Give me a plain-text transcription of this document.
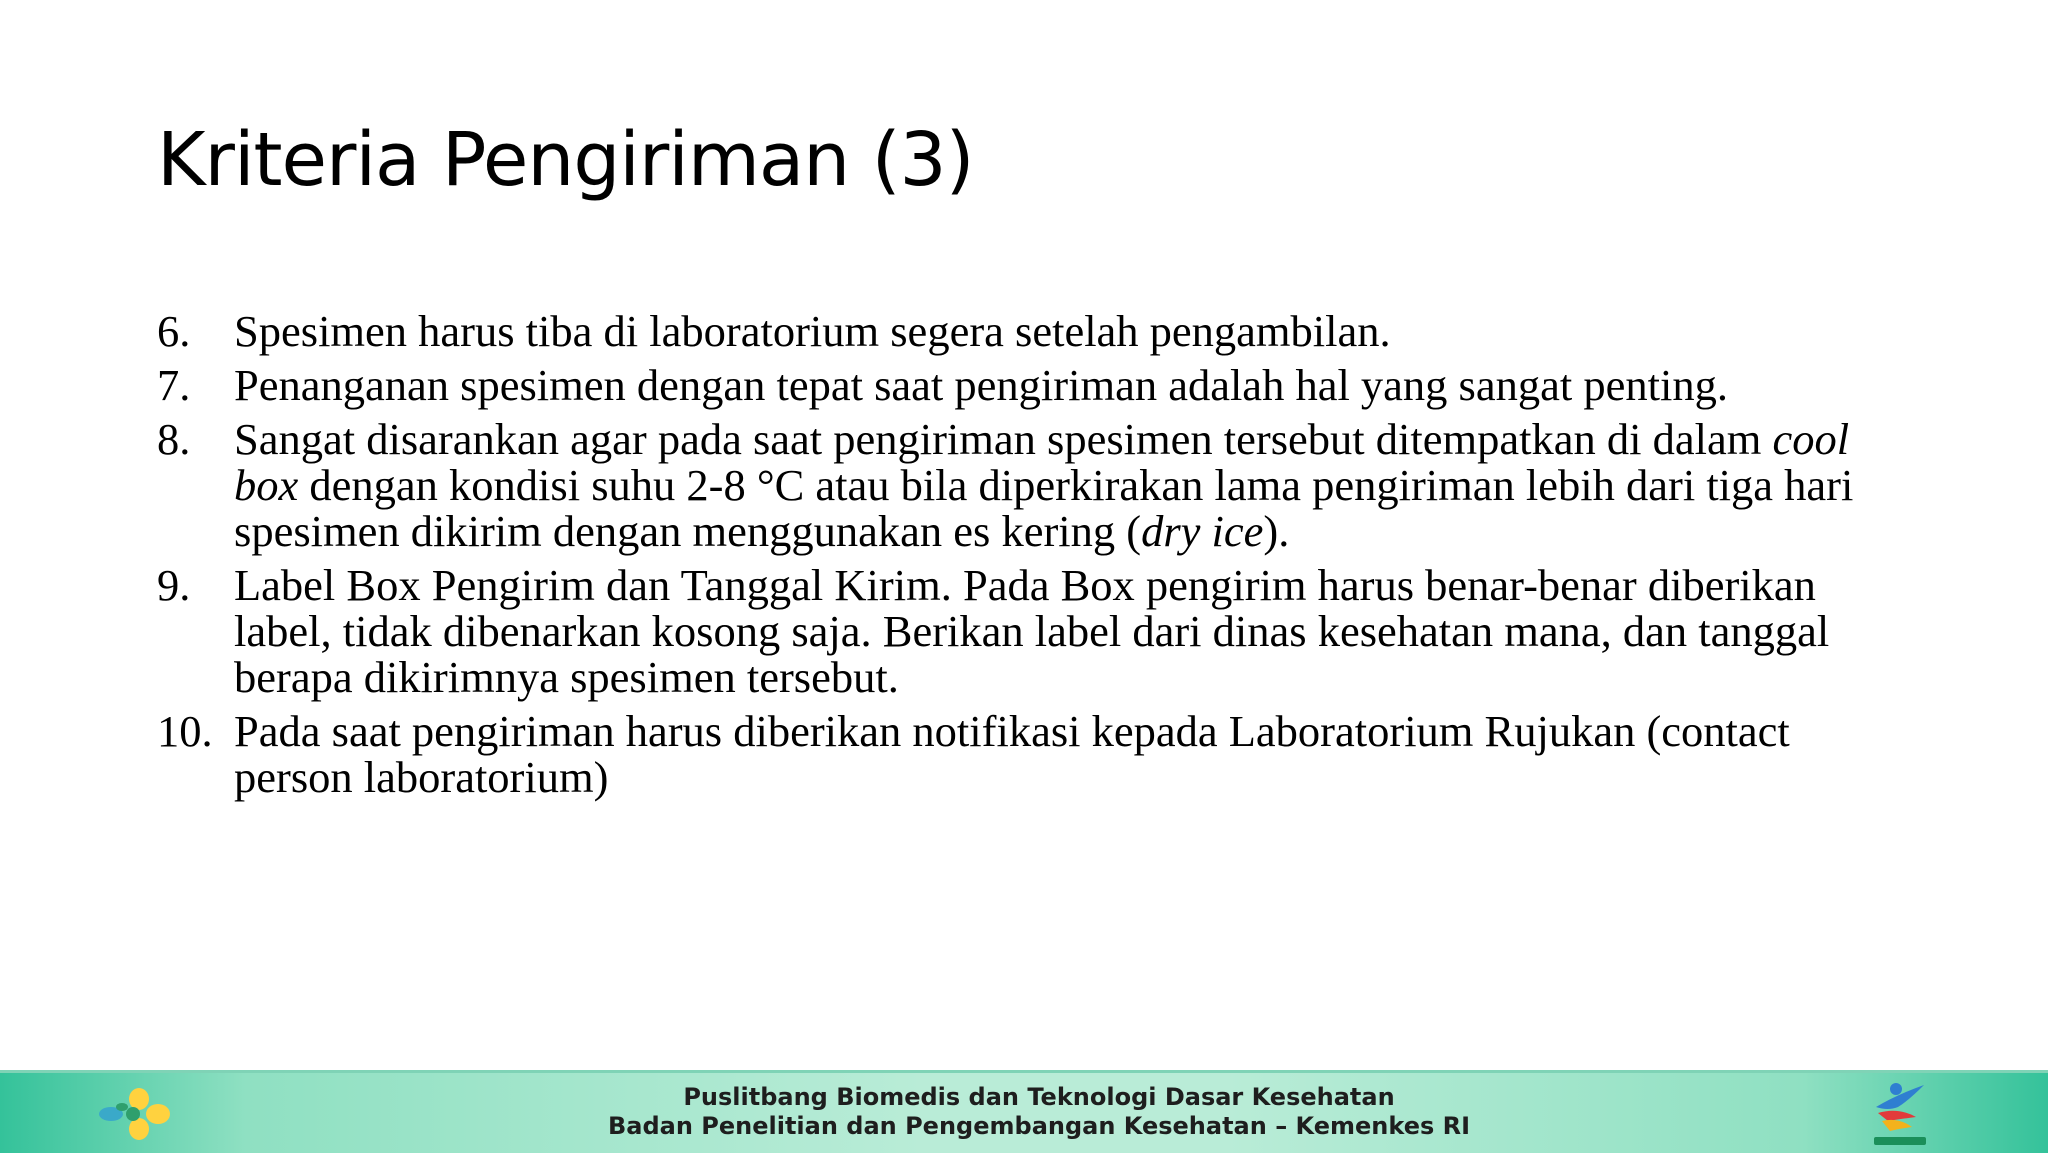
Kriteria Pengiriman (3)
6. Spesimen harus tiba di laboratorium segera setelah pengambilan.
7. Penanganan spesimen dengan tepat saat pengiriman adalah hal yang sangat penting.
8. Sangat disarankan agar pada saat pengiriman spesimen tersebut ditempatkan di dalam cool box dengan kondisi suhu 2-8 °C atau bila diperkirakan lama pengiriman lebih dari tiga hari spesimen dikirim dengan menggunakan es kering (dry ice).
9. Label Box Pengirim dan Tanggal Kirim. Pada Box pengirim harus benar-benar diberikan label, tidak dibenarkan kosong saja. Berikan label dari dinas kesehatan mana, dan tanggal berapa dikirimnya spesimen tersebut.
10. Pada saat pengiriman harus diberikan notifikasi kepada Laboratorium Rujukan (contact person laboratorium)
Puslitbang Biomedis dan Teknologi Dasar Kesehatan
Badan Penelitian dan Pengembangan Kesehatan – Kemenkes RI
